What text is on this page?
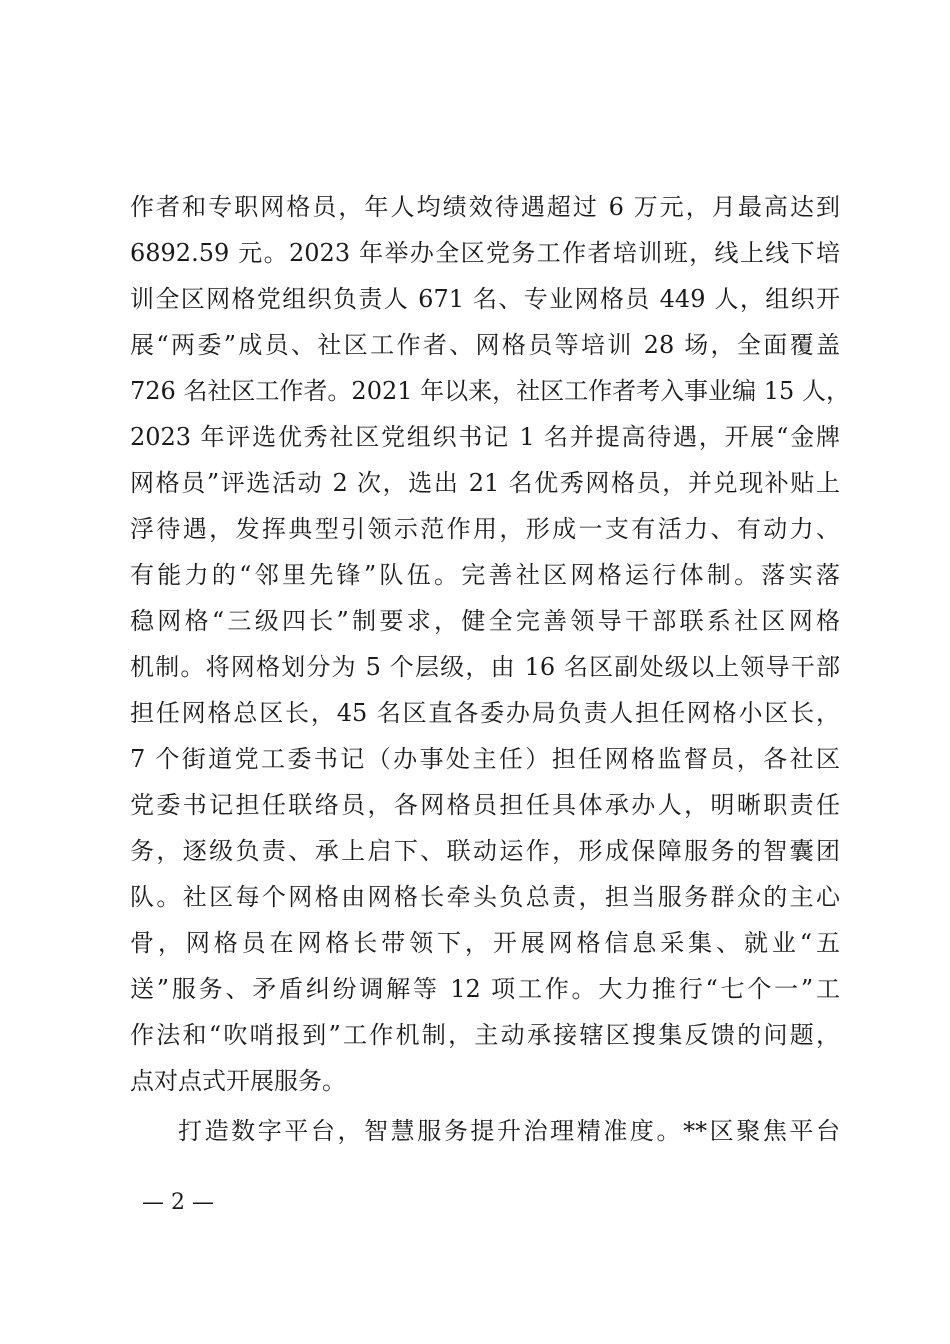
作者和专职网格员，年人均绩效待遇超过 6 万元，月最高达到
6892.59 元。2023 年举办全区党务工作者培训班，线上线下培
训全区网格党组织负责人 671 名、专业网格员 449 人，组织开
展“两委”成员、社区工作者、网格员等培训 28 场，全面覆盖
726 名社区工作者。2021 年以来，社区工作者考入事业编 15 人，
2023 年评选优秀社区党组织书记 1 名并提高待遇，开展“金牌
网格员”评选活动 2 次，选出 21 名优秀网格员，并兑现补贴上
浮待遇，发挥典型引领示范作用，形成一支有活力、有动力、
有能力的“邻里先锋”队伍。完善社区网格运行体制。落实落
稳网格“三级四长”制要求，健全完善领导干部联系社区网格
机制。将网格划分为 5 个层级，由 16 名区副处级以上领导干部
担任网格总区长，45 名区直各委办局负责人担任网格小区长，
7 个街道党工委书记（办事处主任）担任网格监督员，各社区
党委书记担任联络员，各网格员担任具体承办人，明晰职责任
务，逐级负责、承上启下、联动运作，形成保障服务的智囊团
队。社区每个网格由网格长牵头负总责，担当服务群众的主心
骨，网格员在网格长带领下，开展网格信息采集、就业“五
送”服务、矛盾纠纷调解等 12 项工作。大力推行“七个一”工
作法和“吹哨报到”工作机制，主动承接辖区搜集反馈的问题，
点对点式开展服务。
打造数字平台，智慧服务提升治理精准度。**区聚焦平台
— 2 —
